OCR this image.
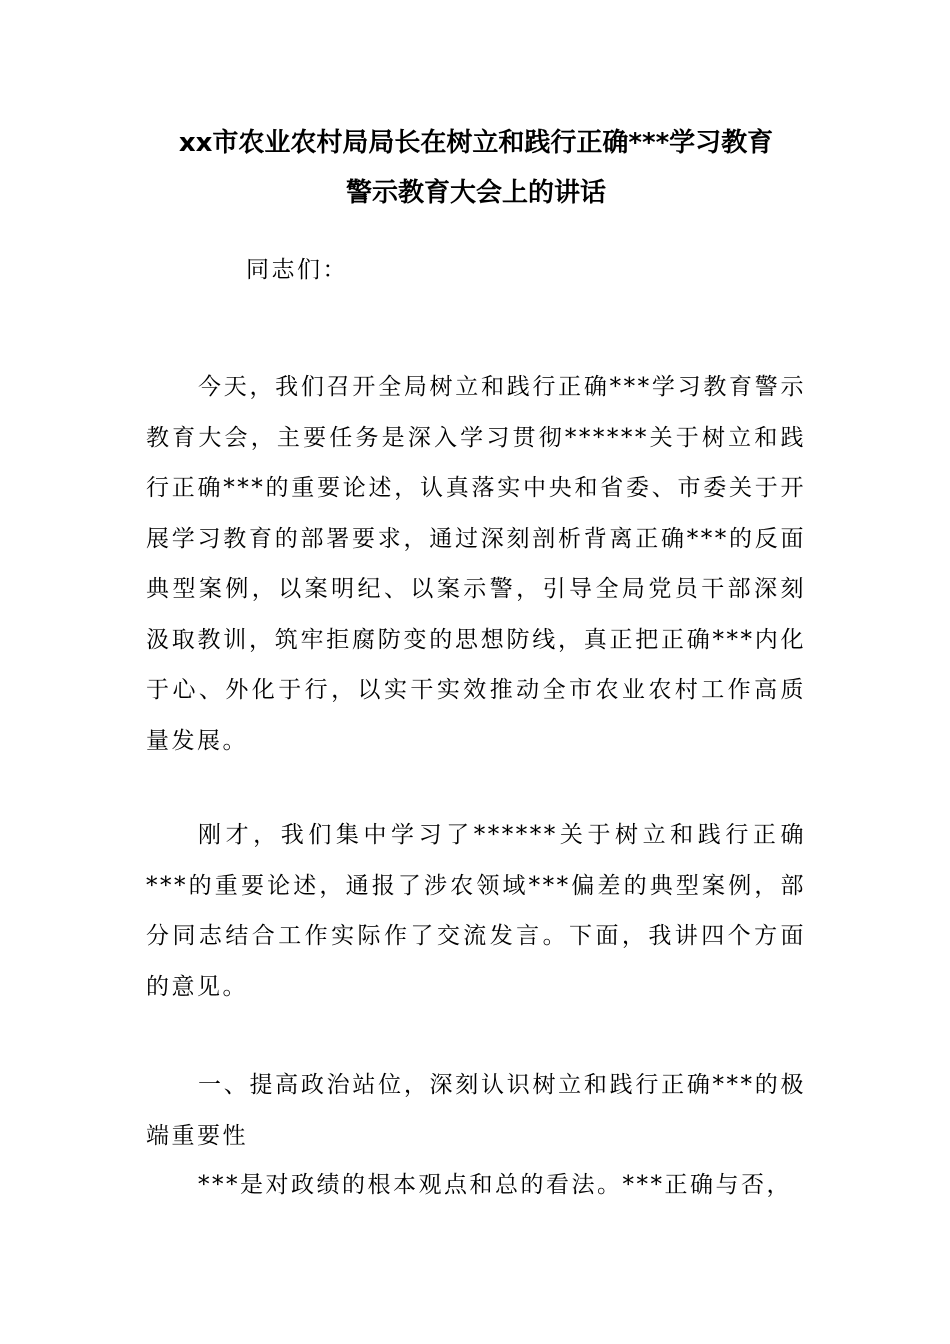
xx市农业农村局局长在树立和践行正确***学习教育
警示教育大会上的讲话
同志们：
今天，我们召开全局树立和践行正确***学习教育警示教育大会，主要任务是深入学习贯彻******关于树立和践行正确***的重要论述，认真落实中央和省委、市委关于开展学习教育的部署要求，通过深刻剖析背离正确***的反面典型案例，以案明纪、以案示警，引导全局党员干部深刻汲取教训，筑牢拒腐防变的思想防线，真正把正确***内化于心、外化于行，以实干实效推动全市农业农村工作高质量发展。
刚才，我们集中学习了******关于树立和践行正确***的重要论述，通报了涉农领域***偏差的典型案例，部分同志结合工作实际作了交流发言。下面，我讲四个方面的意见。
一、提高政治站位，深刻认识树立和践行正确***的极端重要性
***是对政绩的根本观点和总的看法。***正确与否，
